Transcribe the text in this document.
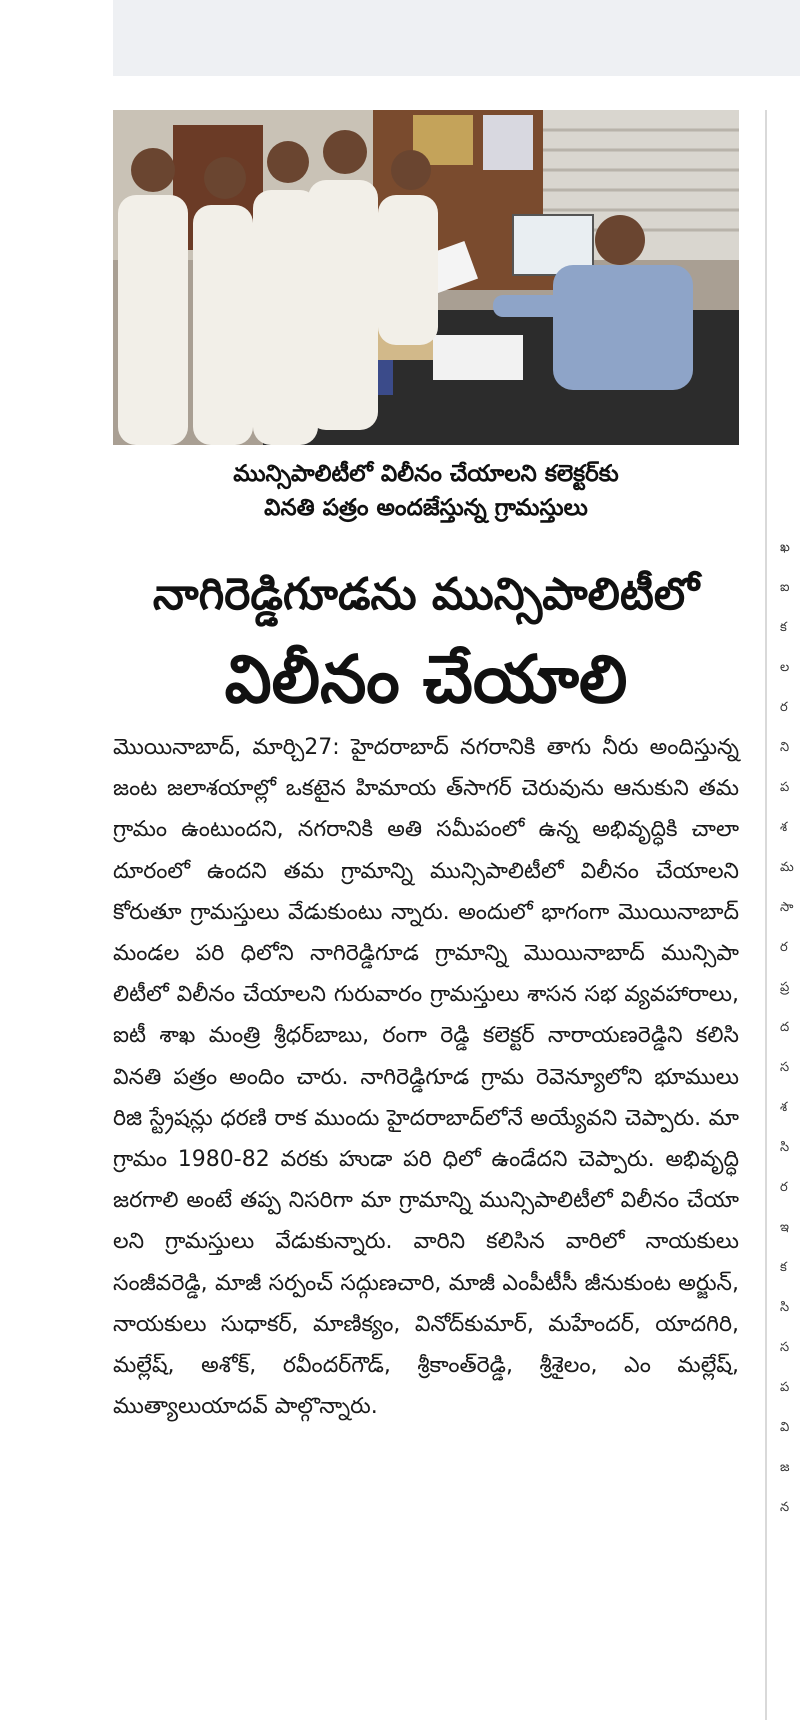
మున్సిపాలిటీలో విలీనం చేయాలని కలెక్టర్‌కు
వినతి పత్రం అందజేస్తున్న గ్రామస్తులు
నాగిరెడ్డిగూడను మున్సిపాలిటీలో
విలీనం చేయాలి
మొయినాబాద్, మార్చి27: హైదరాబాద్ నగరానికి తాగు నీరు అందిస్తున్న జంట జలాశయాల్లో ఒకటైన హిమాయ త్‌సాగర్ చెరువును ఆనుకుని తమ గ్రామం ఉంటుందని, నగరానికి అతి సమీపంలో ఉన్న అభివృద్ధికి చాలా దూరంలో ఉందని తమ గ్రామాన్ని మున్సిపాలిటీలో విలీనం చేయాలని కోరుతూ గ్రామస్తులు వేడుకుంటు న్నారు. అందులో భాగంగా మొయినాబాద్ మండల పరి ధిలోని నాగిరెడ్డిగూడ గ్రామాన్ని మొయినాబాద్ మున్సిపా లిటీలో విలీనం చేయాలని గురువారం గ్రామస్తులు శాసన సభ వ్యవహారాలు, ఐటీ శాఖ మంత్రి శ్రీధర్‌బాబు, రంగా రెడ్డి కలెక్టర్ నారాయణరెడ్డిని కలిసి వినతి పత్రం అందిం చారు. నాగిరెడ్డిగూడ గ్రామ రెవెన్యూలోని భూములు రిజి స్ట్రేషన్లు ధరణి రాక ముందు హైదరాబాద్‌లోనే అయ్యేవని చెప్పారు. మా గ్రామం 1980-82 వరకు హుడా పరి ధిలో ఉండేదని చెప్పారు. అభివృద్ధి జరగాలి అంటే తప్ప నిసరిగా మా గ్రామాన్ని మున్సిపాలిటీలో విలీనం చేయా లని గ్రామస్తులు వేడుకున్నారు. వారిని కలిసిన వారిలో నాయకులు సంజీవరెడ్డి, మాజీ సర్పంచ్ సద్గుణచారి, మాజీ ఎంపీటీసీ జీనుకుంట అర్జున్, నాయకులు సుధాకర్, మాణిక్యం, వినోద్‌కుమార్, మహేందర్, యాదగిరి, మల్లేష్, అశోక్, రవీందర్‌గౌడ్, శ్రీకాంత్‌రెడ్డి, శ్రీశైలం, ఎం మల్లేష్, ముత్యాలుయాదవ్ పాల్గొన్నారు.
ఖ
ఐ
క
ల
ర
ని
ప
శ
మ
సా
ర
ప్ర
ద
స
శ
సి
ర
ఇ
క
సి
స
ప
వి
జ
న
